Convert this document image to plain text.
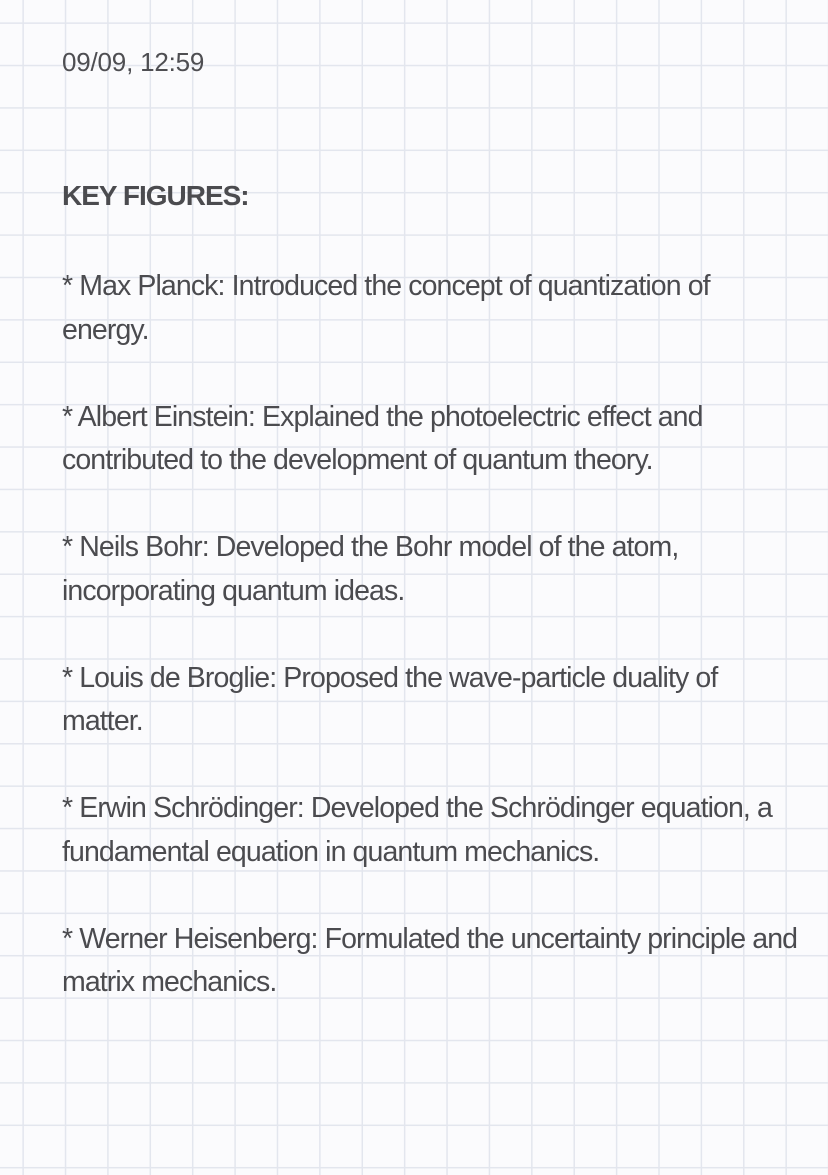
09/09, 12:59
KEY FIGURES:

* Max Planck: Introduced the concept of quantization of energy.

* Albert Einstein: Explained the photoelectric effect and contributed to the development of quantum theory.

* Neils Bohr: Developed the Bohr model of the atom, incorporating quantum ideas.

* Louis de Broglie: Proposed the wave-particle duality of matter.

* Erwin Schrödinger: Developed the Schrödinger equation, a fundamental equation in quantum mechanics.

* Werner Heisenberg: Formulated the uncertainty principle and matrix mechanics.
